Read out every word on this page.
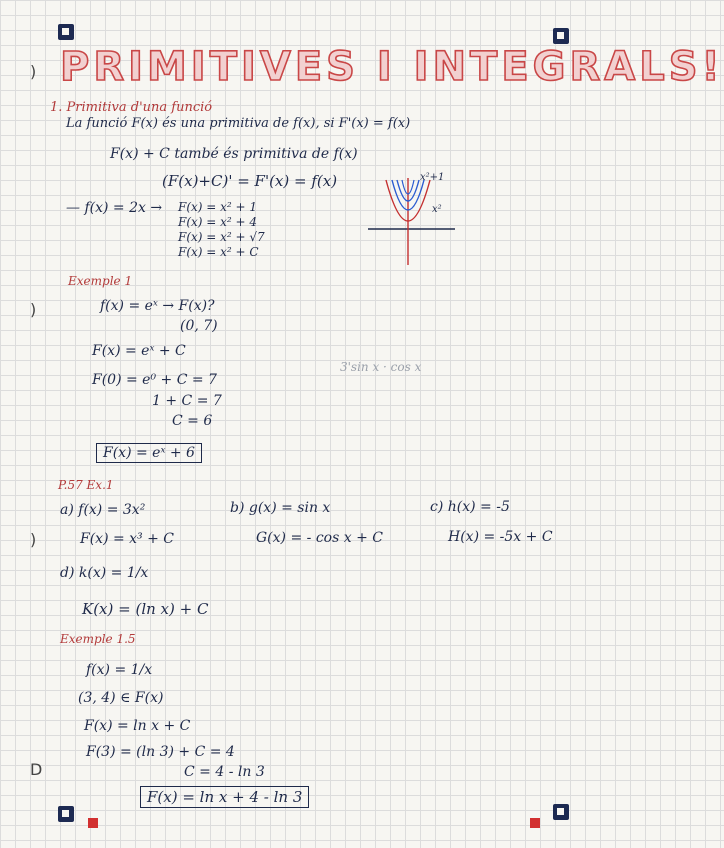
)
)
)
D
PRIMITIVES I INTEGRALS!
1. Primitiva d'una funció
La funció F(x) és una primitiva de f(x), si F'(x) = f(x)
F(x) + C també és primitiva de f(x)
(F(x)+C)' = F'(x) = f(x)
— f(x) = 2x → F(x) = x² + 1
F(x) = x² + 4
F(x) = x² + √7
F(x) = x² + C
x²+1
x²
Exemple 1
f(x) = eˣ → F(x)?
(0, 7)
F(x) = eˣ + C
F(0) = e⁰ + C = 7
1 + C = 7
C = 6
F(x) = eˣ + 6
3'sin x · cos x
P.57 Ex.1
a) f(x) = 3x²
F(x) = x³ + C
b) g(x) = sin x
G(x) = - cos x + C
c) h(x) = -5
H(x) = -5x + C
d) k(x) = 1/x
K(x) = (ln x) + C
Exemple 1.5
f(x) = 1/x
(3, 4) ∈ F(x)
F(x) = ln x + C
F(3) = (ln 3) + C = 4
C = 4 - ln 3
F(x) = ln x + 4 - ln 3
